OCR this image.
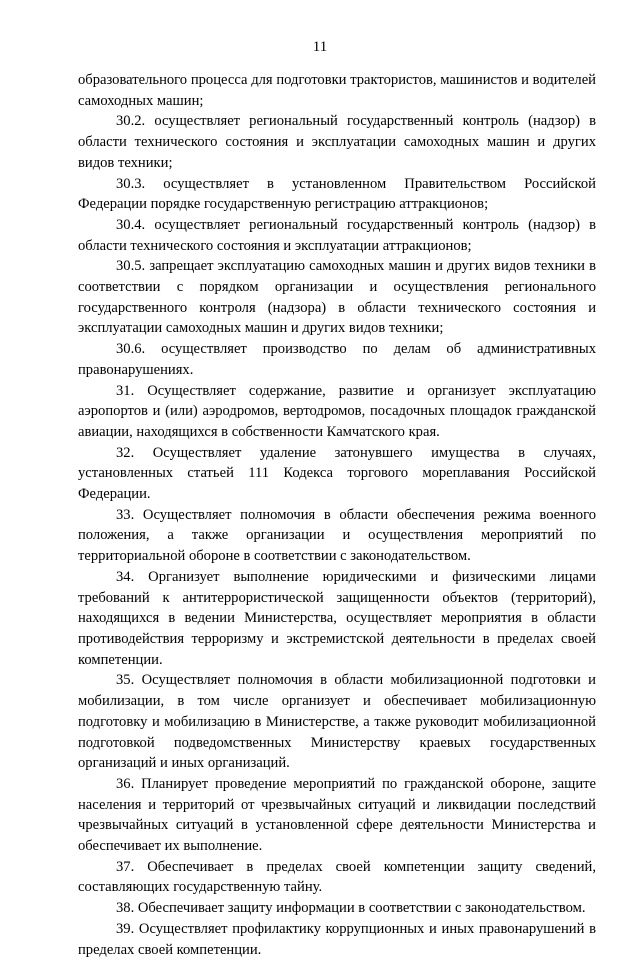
11

образовательного процесса для подготовки трактористов, машинистов и водителей самоходных машин;

30.2. осуществляет региональный государственный контроль (надзор) в области технического состояния и эксплуатации самоходных машин и других видов техники;

30.3. осуществляет в установленном Правительством Российской Федерации порядке государственную регистрацию аттракционов;

30.4. осуществляет региональный государственный контроль (надзор) в области технического состояния и эксплуатации аттракционов;

30.5. запрещает эксплуатацию самоходных машин и других видов техники в соответствии с порядком организации и осуществления регионального государственного контроля (надзора) в области технического состояния и эксплуатации самоходных машин и других видов техники;

30.6. осуществляет производство по делам об административных правонарушениях.

31. Осуществляет содержание, развитие и организует эксплуатацию аэропортов и (или) аэродромов, вертодромов, посадочных площадок гражданской авиации, находящихся в собственности Камчатского края.

32. Осуществляет удаление затонувшего имущества в случаях, установленных статьей 111 Кодекса торгового мореплавания Российской Федерации.

33. Осуществляет полномочия в области обеспечения режима военного положения, а также организации и осуществления мероприятий по территориальной обороне в соответствии с законодательством.

34. Организует выполнение юридическими и физическими лицами требований к антитеррористической защищенности объектов (территорий), находящихся в ведении Министерства, осуществляет мероприятия в области противодействия терроризму и экстремистской деятельности в пределах своей компетенции.

35. Осуществляет полномочия в области мобилизационной подготовки и мобилизации, в том числе организует и обеспечивает мобилизационную подготовку и мобилизацию в Министерстве, а также руководит мобилизационной подготовкой подведомственных Министерству краевых государственных организаций и иных организаций.

36. Планирует проведение мероприятий по гражданской обороне, защите населения и территорий от чрезвычайных ситуаций и ликвидации последствий чрезвычайных ситуаций в установленной сфере деятельности Министерства и обеспечивает их выполнение.

37. Обеспечивает в пределах своей компетенции защиту сведений, составляющих государственную тайну.

38. Обеспечивает защиту информации в соответствии с законодательством.

39. Осуществляет профилактику коррупционных и иных правонарушений в пределах своей компетенции.
